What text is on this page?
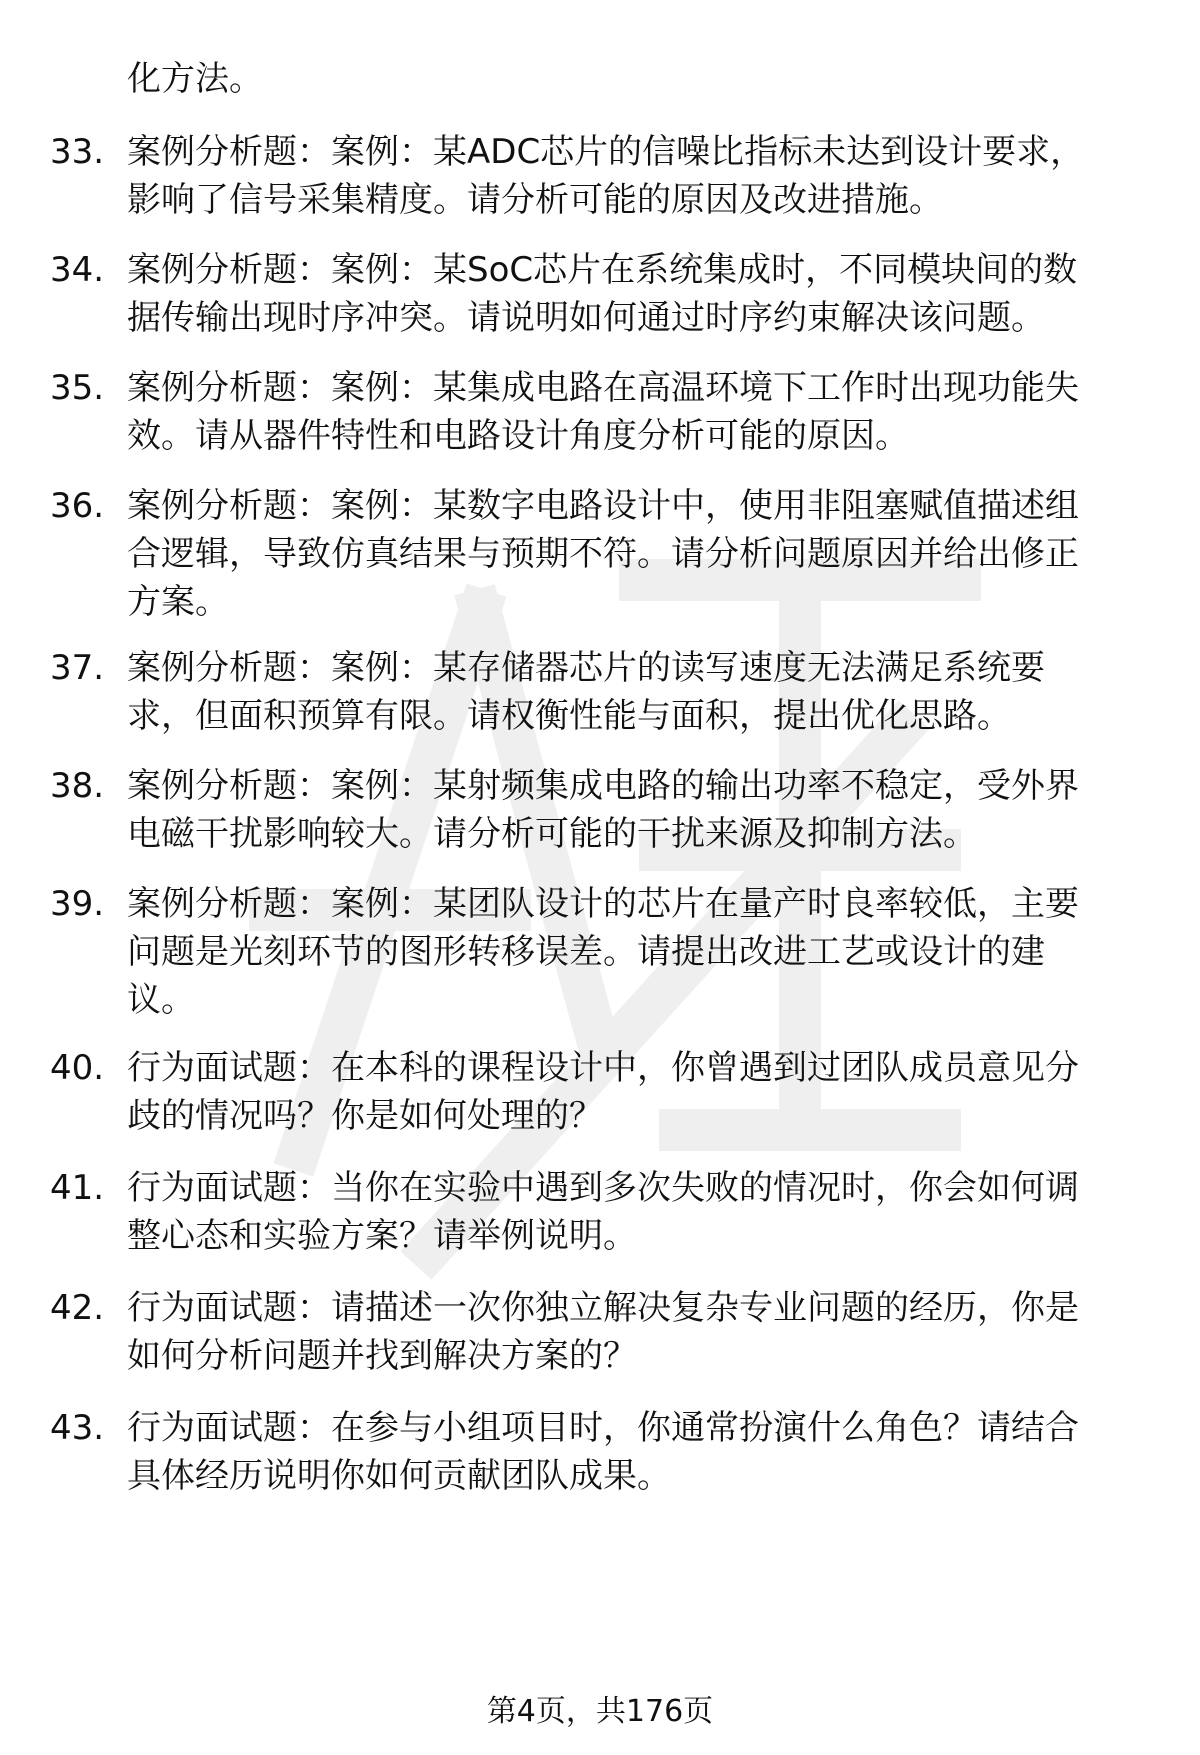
化方法。
33. 案例分析题：案例：某ADC芯片的信噪比指标未达到设计要求，
影响了信号采集精度。请分析可能的原因及改进措施。
34. 案例分析题：案例：某SoC芯片在系统集成时，不同模块间的数
据传输出现时序冲突。请说明如何通过时序约束解决该问题。
35. 案例分析题：案例：某集成电路在高温环境下工作时出现功能失
效。请从器件特性和电路设计角度分析可能的原因。
36. 案例分析题：案例：某数字电路设计中，使用非阻塞赋值描述组
合逻辑，导致仿真结果与预期不符。请分析问题原因并给出修正
方案。
37. 案例分析题：案例：某存储器芯片的读写速度无法满足系统要
求，但面积预算有限。请权衡性能与面积，提出优化思路。
38. 案例分析题：案例：某射频集成电路的输出功率不稳定，受外界
电磁干扰影响较大。请分析可能的干扰来源及抑制方法。
39. 案例分析题：案例：某团队设计的芯片在量产时良率较低，主要
问题是光刻环节的图形转移误差。请提出改进工艺或设计的建
议。
40. 行为面试题：在本科的课程设计中，你曾遇到过团队成员意见分
歧的情况吗？你是如何处理的？
41. 行为面试题：当你在实验中遇到多次失败的情况时，你会如何调
整心态和实验方案？请举例说明。
42. 行为面试题：请描述一次你独立解决复杂专业问题的经历，你是
如何分析问题并找到解决方案的？
43. 行为面试题：在参与小组项目时，你通常扮演什么角色？请结合
具体经历说明你如何贡献团队成果。
第4页，共176页
